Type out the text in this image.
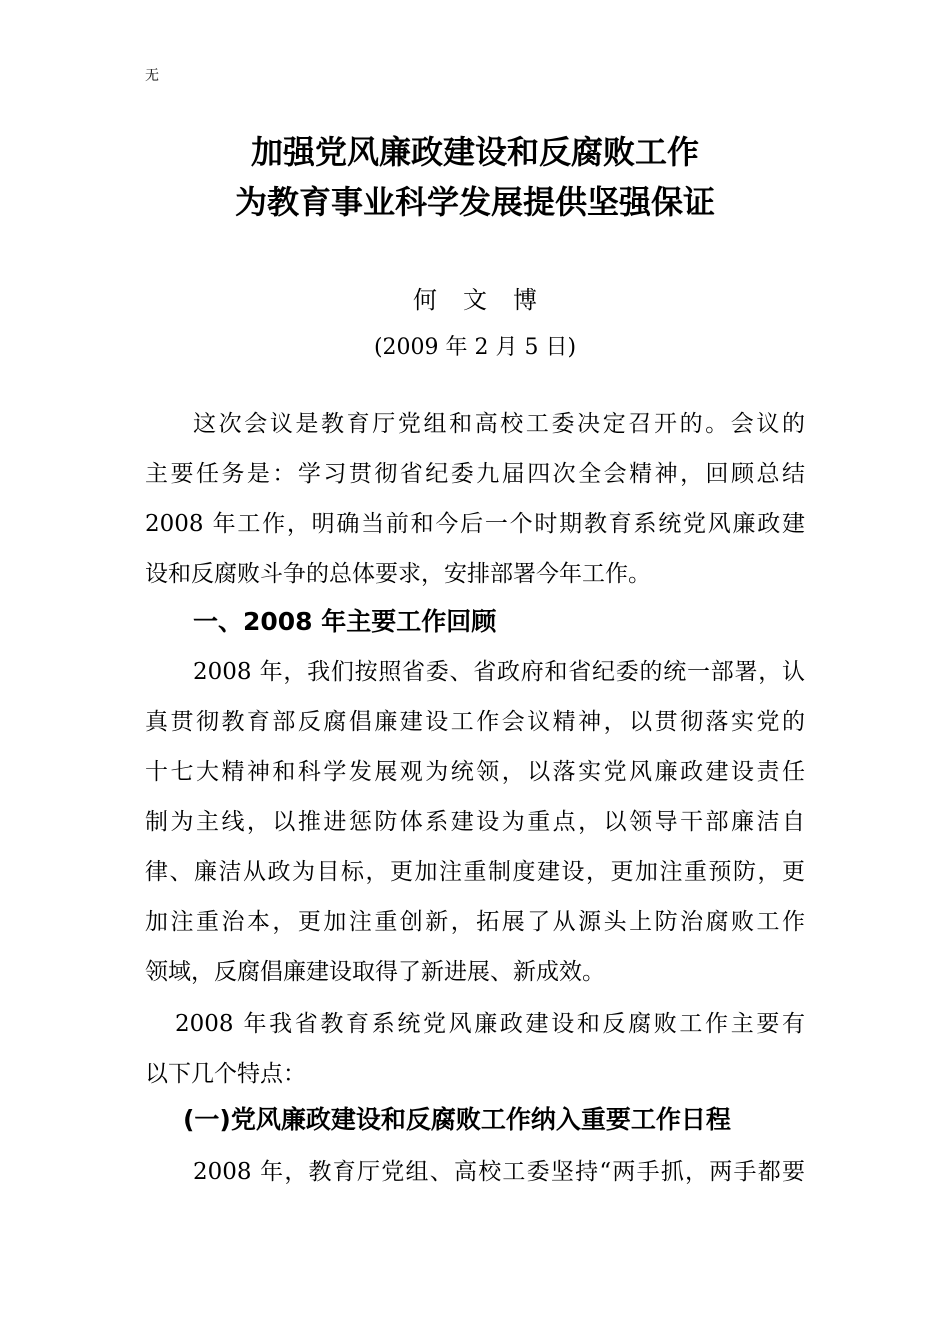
无
加强党风廉政建设和反腐败工作
为教育事业科学发展提供坚强保证
何文博
(2009 年 2 月 5 日)
这次会议是教育厅党组和高校工委决定召开的。会议的
主要任务是：学习贯彻省纪委九届四次全会精神，回顾总结
2008 年工作，明确当前和今后一个时期教育系统党风廉政建
设和反腐败斗争的总体要求，安排部署今年工作。
一、2008 年主要工作回顾
2008 年，我们按照省委、省政府和省纪委的统一部署，认
真贯彻教育部反腐倡廉建设工作会议精神，以贯彻落实党的
十七大精神和科学发展观为统领，以落实党风廉政建设责任
制为主线，以推进惩防体系建设为重点，以领导干部廉洁自
律、廉洁从政为目标，更加注重制度建设，更加注重预防，更
加注重治本，更加注重创新，拓展了从源头上防治腐败工作
领域，反腐倡廉建设取得了新进展、新成效。
2008 年我省教育系统党风廉政建设和反腐败工作主要有
以下几个特点：
(一)党风廉政建设和反腐败工作纳入重要工作日程
2008 年，教育厅党组、高校工委坚持“两手抓，两手都要
